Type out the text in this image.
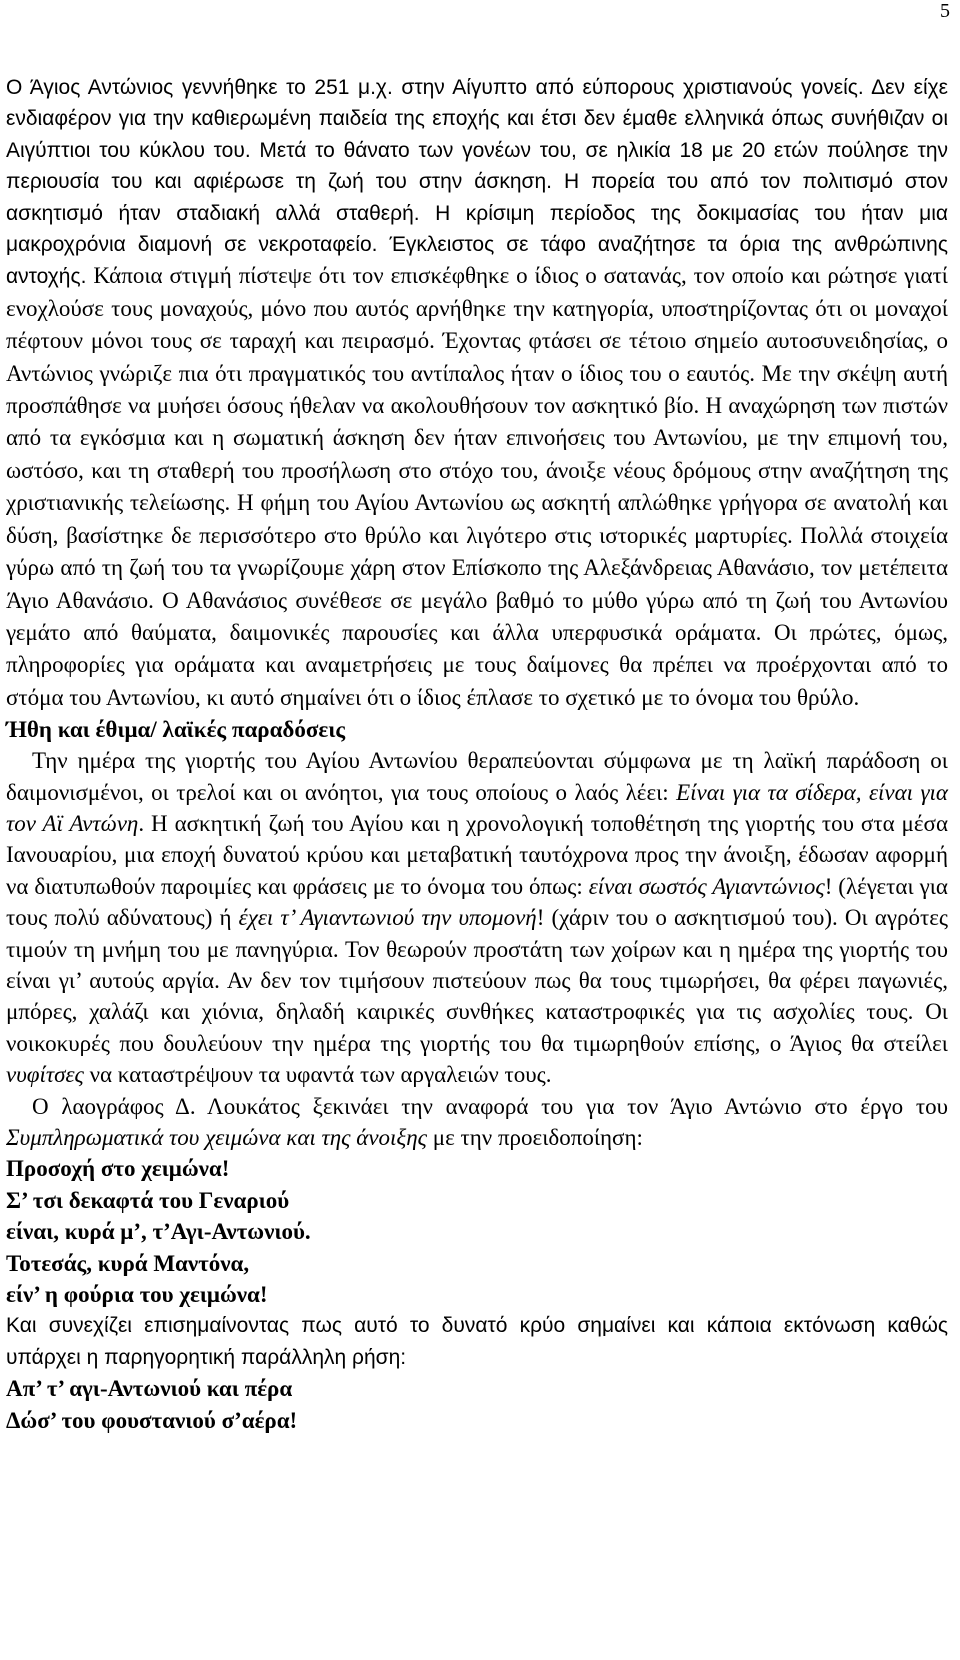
5

Ο Άγιος Αντώνιος γεννήθηκε το 251 μ.χ. στην Αίγυπτο από εύπορους χριστιανούς γονείς. Δεν είχε ενδιαφέρον για την καθιερωμένη παιδεία της εποχής και έτσι δεν έμαθε ελληνικά όπως συνήθιζαν οι Αιγύπτιοι του κύκλου του. Μετά το θάνατο των γονέων του, σε ηλικία 18 με 20 ετών πούλησε την περιουσία του και αφιέρωσε τη ζωή του στην άσκηση. Η πορεία του από τον πολιτισμό στον ασκητισμό ήταν σταδιακή αλλά σταθερή. Η κρίσιμη περίοδος της δοκιμασίας του ήταν μια μακροχρόνια διαμονή σε νεκροταφείο. Έγκλειστος σε τάφο αναζήτησε τα όρια της ανθρώπινης αντοχής. Κάποια στιγμή πίστεψε ότι τον επισκέφθηκε ο ίδιος ο σατανάς, τον οποίο και ρώτησε γιατί ενοχλούσε τους μοναχούς, μόνο που αυτός αρνήθηκε την κατηγορία, υποστηρίζοντας ότι οι μοναχοί πέφτουν μόνοι τους σε ταραχή και πειρασμό. Έχοντας φτάσει σε τέτοιο σημείο αυτοσυνειδησίας, ο Αντώνιος γνώριζε πια ότι πραγματικός του αντίπαλος ήταν ο ίδιος του ο εαυτός. Με την σκέψη αυτή προσπάθησε να μυήσει όσους ήθελαν να ακολουθήσουν τον ασκητικό βίο. Η αναχώρηση των πιστών από τα εγκόσμια και η σωματική άσκηση δεν ήταν επινοήσεις του Αντωνίου, με την επιμονή του, ωστόσο, και τη σταθερή του προσήλωση στο στόχο του, άνοιξε νέους δρόμους στην αναζήτηση της χριστιανικής τελείωσης. Η φήμη του Αγίου Αντωνίου ως ασκητή απλώθηκε γρήγορα σε ανατολή και δύση, βασίστηκε δε περισσότερο στο θρύλο και λιγότερο στις ιστορικές μαρτυρίες. Πολλά στοιχεία γύρω από τη ζωή του τα γνωρίζουμε χάρη στον Επίσκοπο της Αλεξάνδρειας Αθανάσιο, τον μετέπειτα Άγιο Αθανάσιο. Ο Αθανάσιος συνέθεσε σε μεγάλο βαθμό το μύθο γύρω από τη ζωή του Αντωνίου γεμάτο από θαύματα, δαιμονικές παρουσίες και άλλα υπερφυσικά οράματα. Οι πρώτες, όμως, πληροφορίες για οράματα και αναμετρήσεις με τους δαίμονες θα πρέπει να προέρχονται από το στόμα του Αντωνίου, κι αυτό σημαίνει ότι ο ίδιος έπλασε το σχετικό με το όνομα του θρύλο.

Ήθη και έθιμα/ λαϊκές παραδόσεις

Την ημέρα της γιορτής του Αγίου Αντωνίου θεραπεύονται σύμφωνα με τη λαϊκή παράδοση οι δαιμονισμένοι, οι τρελοί και οι ανόητοι, για τους οποίους ο λαός λέει: Είναι για τα σίδερα, είναι για τον Αϊ Αντώνη. Η ασκητική ζωή του Αγίου και η χρονολογική τοποθέτηση της γιορτής του στα μέσα Ιανουαρίου, μια εποχή δυνατού κρύου και μεταβατική ταυτόχρονα προς την άνοιξη, έδωσαν αφορμή να διατυπωθούν παροιμίες και φράσεις με το όνομα του όπως: είναι σωστός Αγιαντώνιος! (λέγεται για τους πολύ αδύνατους) ή έχει τ’ Αγιαντωνιού την υπομονή! (χάριν του ο ασκητισμού του). Οι αγρότες τιμούν τη μνήμη του με πανηγύρια. Τον θεωρούν προστάτη των χοίρων και η ημέρα της γιορτής του είναι γι’ αυτούς αργία. Αν δεν τον τιμήσουν πιστεύουν πως θα τους τιμωρήσει, θα φέρει παγωνιές, μπόρες, χαλάζι και χιόνια, δηλαδή καιρικές συνθήκες καταστροφικές για τις ασχολίες τους. Οι νοικοκυρές που δουλεύουν την ημέρα της γιορτής του θα τιμωρηθούν επίσης, ο Άγιος θα στείλει νυφίτσες να καταστρέψουν τα υφαντά των αργαλειών τους.

Ο λαογράφος Δ. Λουκάτος ξεκινάει την αναφορά του για τον Άγιο Αντώνιο στο έργο του Συμπληρωματικά του χειμώνα και της άνοιξης με την προειδοποίηση:

Προσοχή στο χειμώνα!
Σ’ τσι δεκαφτά του Γεναριού
είναι, κυρά μ’, τ’Αγι-Αντωνιού.
Τοτεσάς, κυρά Μαντόνα,
είν’ η φούρια του χειμώνα!

Και συνεχίζει επισημαίνοντας πως αυτό το δυνατό κρύο σημαίνει και κάποια εκτόνωση καθώς υπάρχει η παρηγορητική παράλληλη ρήση:

Απ’ τ’ αγι-Αντωνιού και πέρα
Δώσ’ του φουστανιού σ’αέρα!
